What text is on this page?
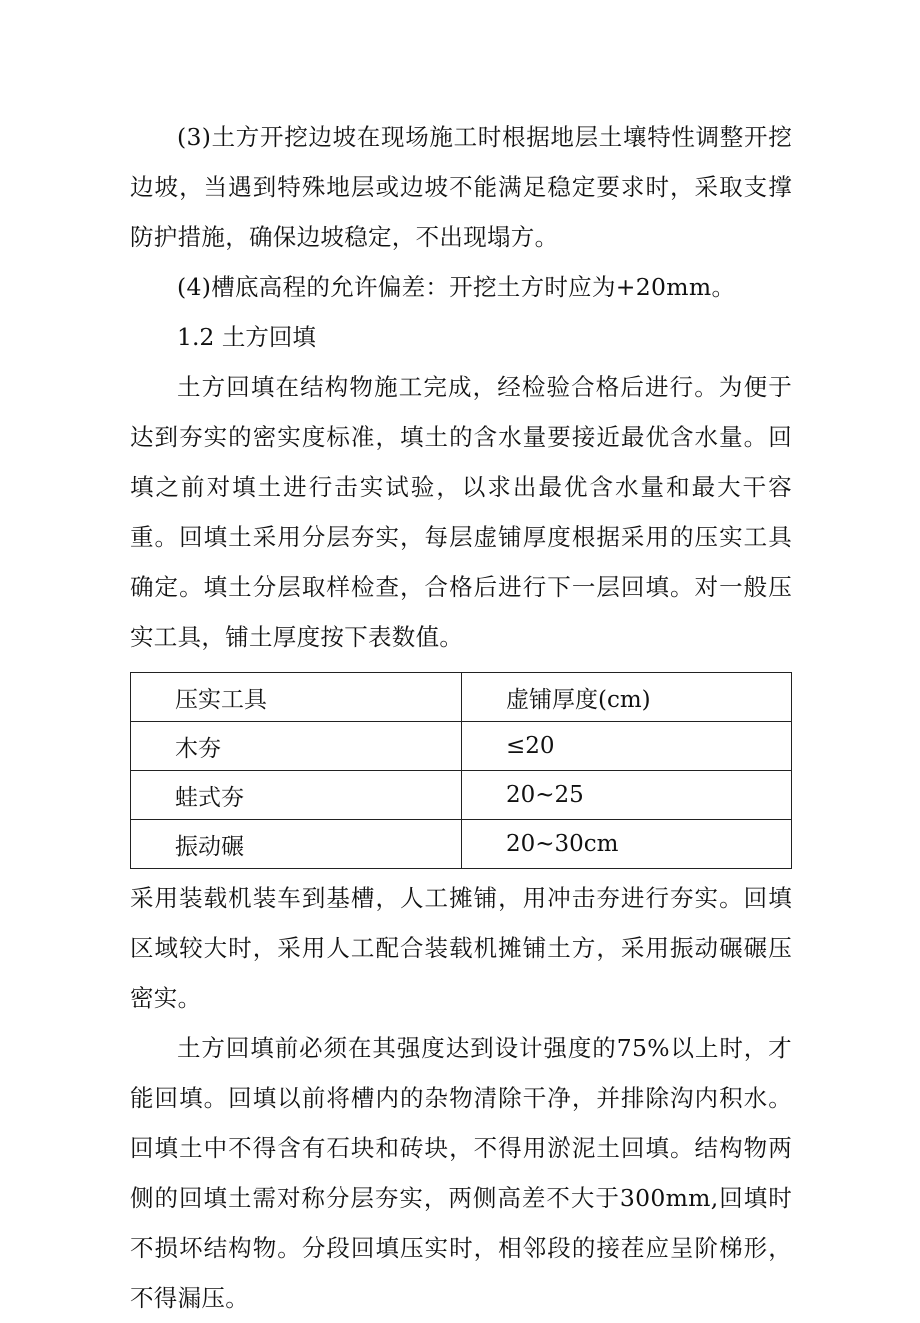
(3)土方开挖边坡在现场施工时根据地层土壤特性调整开挖边坡，当遇到特殊地层或边坡不能满足稳定要求时，采取支撑防护措施，确保边坡稳定，不出现塌方。

(4)槽底高程的允许偏差：开挖土方时应为+20mm。

1.2 土方回填

土方回填在结构物施工完成，经检验合格后进行。为便于达到夯实的密实度标准，填土的含水量要接近最优含水量。回填之前对填土进行击实试验，以求出最优含水量和最大干容重。回填土采用分层夯实，每层虚铺厚度根据采用的压实工具确定。填土分层取样检查，合格后进行下一层回填。对一般压实工具，铺土厚度按下表数值。

压实工具	虚铺厚度(cm)
木夯	≤20
蛙式夯	20~25
振动碾	20~30cm

采用装载机装车到基槽，人工摊铺，用冲击夯进行夯实。回填区域较大时，采用人工配合装载机摊铺土方，采用振动碾碾压密实。

土方回填前必须在其强度达到设计强度的75%以上时，才能回填。回填以前将槽内的杂物清除干净，并排除沟内积水。回填土中不得含有石块和砖块，不得用淤泥土回填。结构物两侧的回填土需对称分层夯实，两侧高差不大于300mm,回填时不损坏结构物。分段回填压实时，相邻段的接茬应呈阶梯形，不得漏压。
